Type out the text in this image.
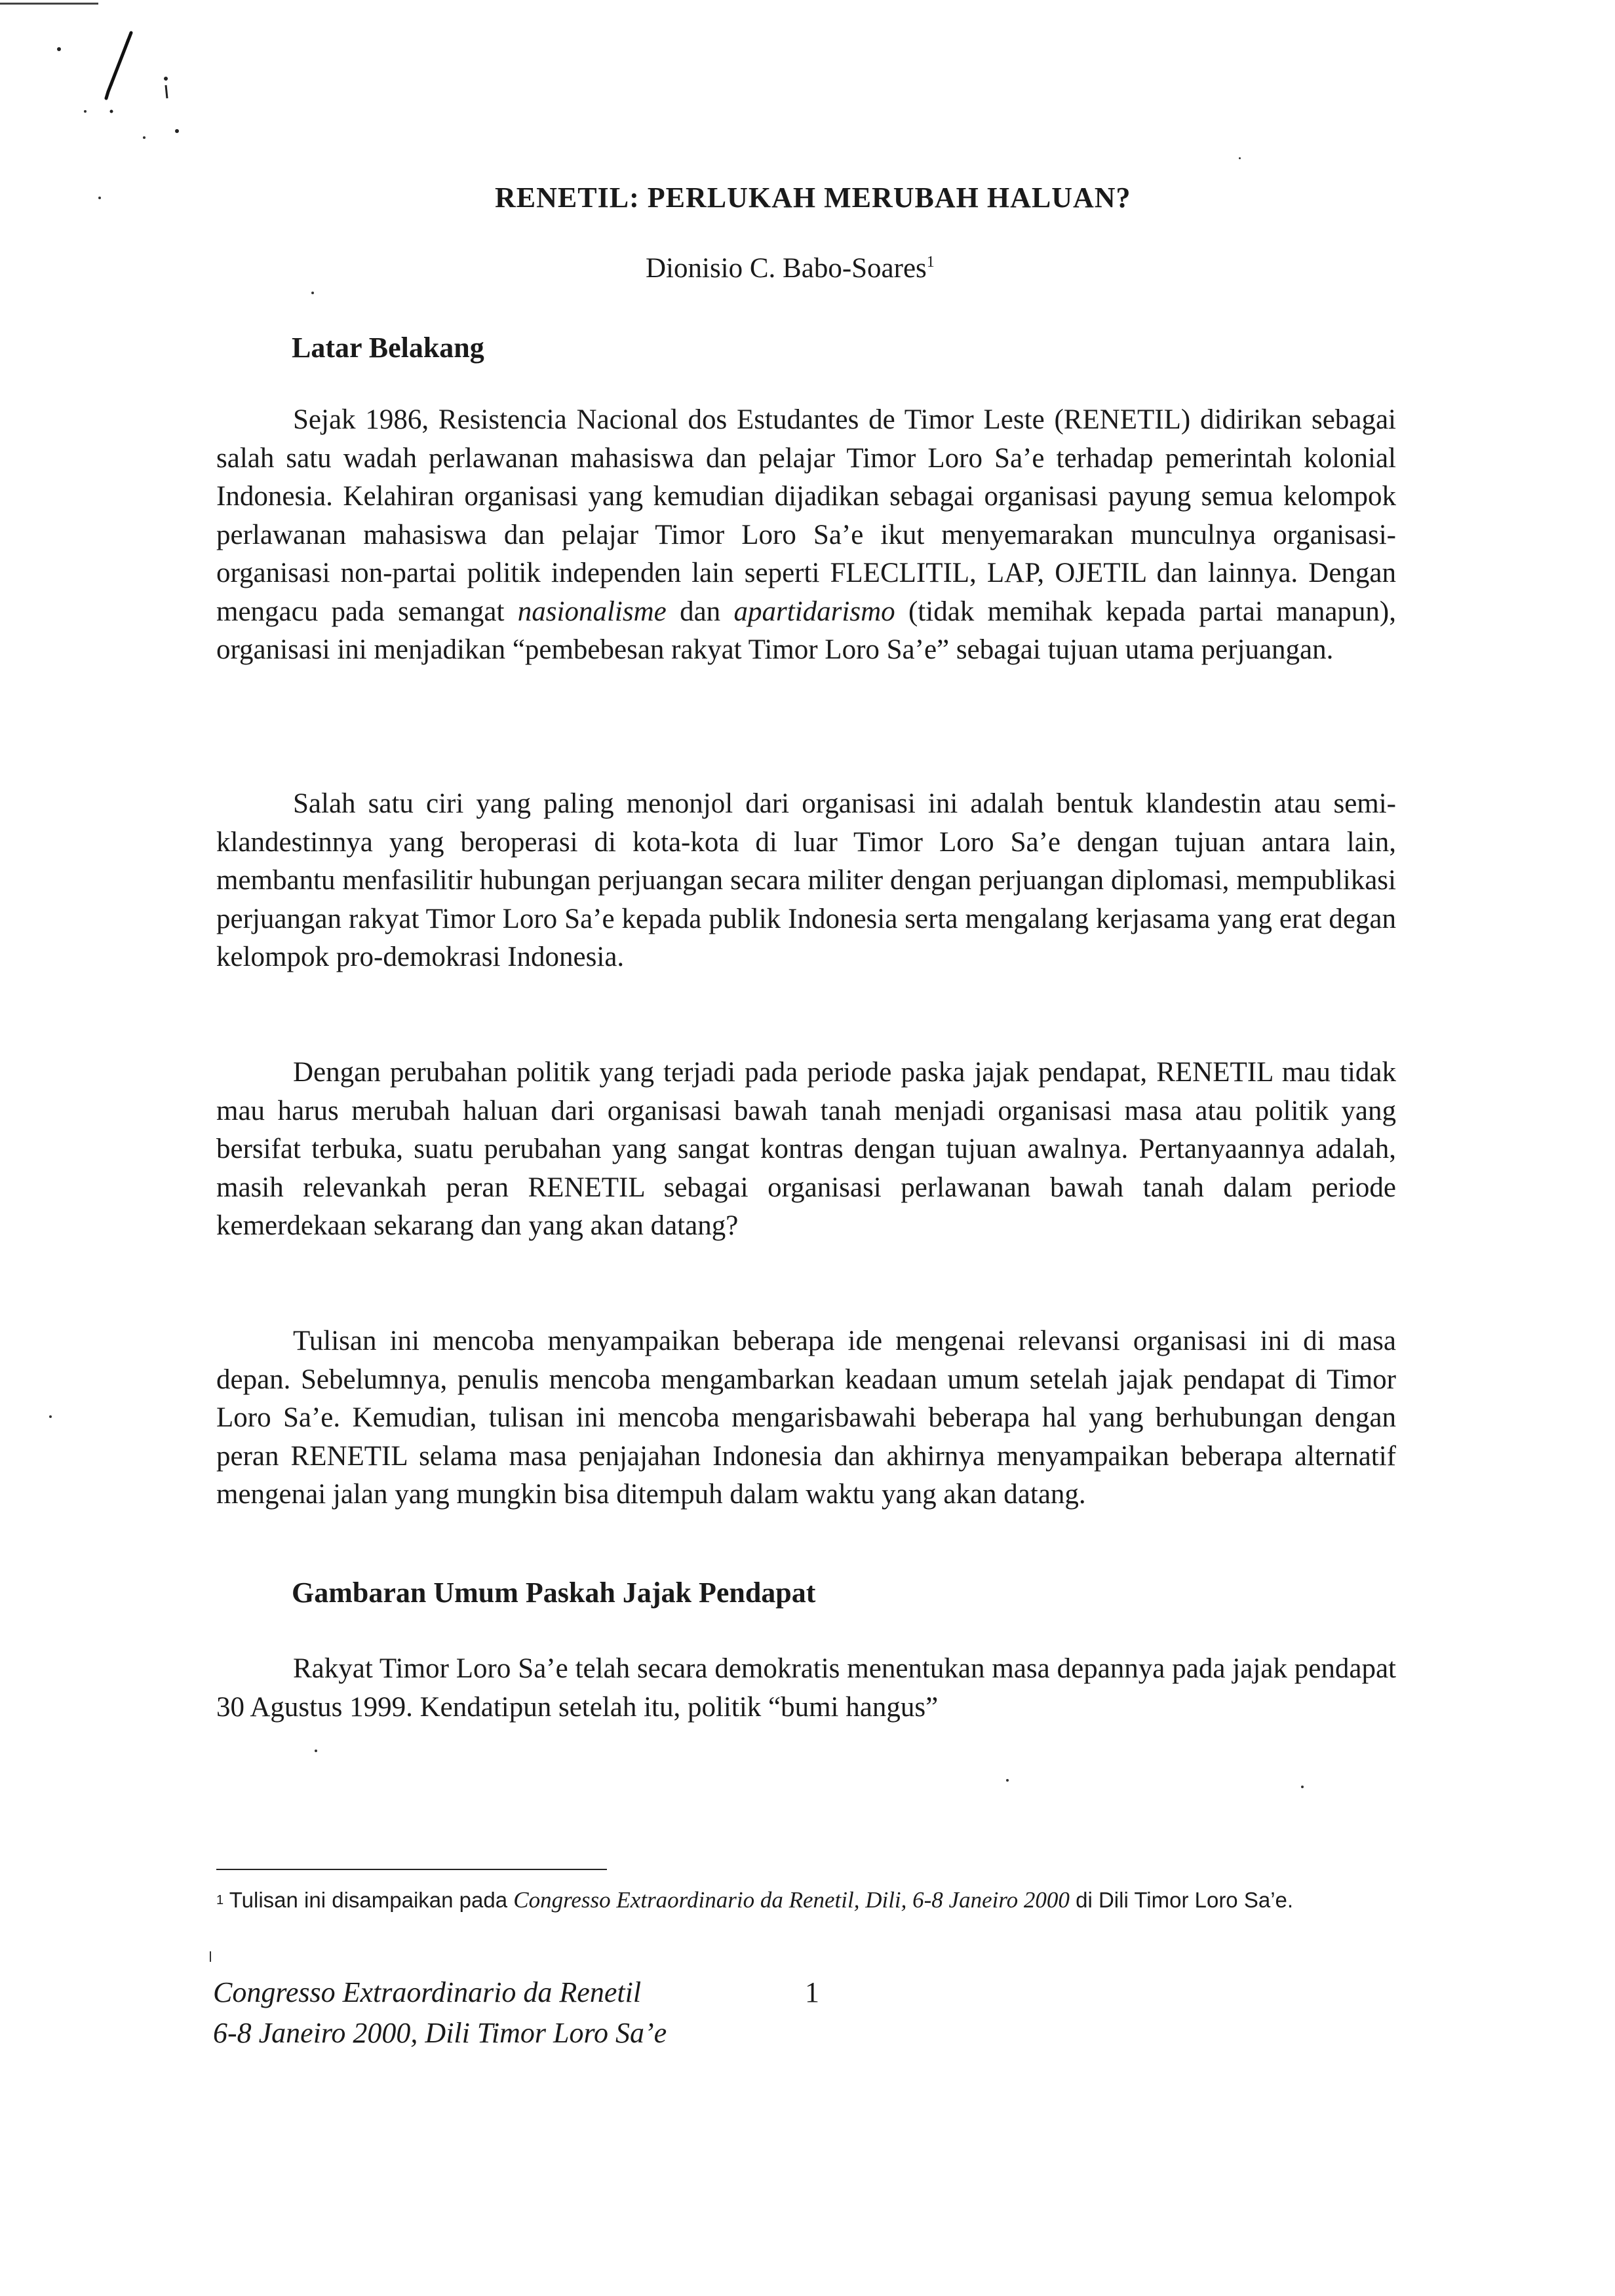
RENETIL: PERLUKAH MERUBAH HALUAN?
Dionisio C. Babo-Soares$^1$
Latar Belakang

Sejak 1986, Resistencia Nacional dos Estudantes de Timor Leste (RENETIL) didirikan sebagai salah satu wadah perlawanan mahasiswa dan pelajar Timor Loro Sa’e terhadap pemerintah kolonial Indonesia. Kelahiran organisasi yang kemudian dijadikan sebagai organisasi payung semua kelompok perlawanan mahasiswa dan pelajar Timor Loro Sa’e ikut menyemarakan munculnya organisasi-organisasi non-partai politik independen lain seperti FLECLITIL, LAP, OJETIL dan lainnya. Dengan mengacu pada semangat nasionalisme dan apartidarismo (tidak memihak kepada partai manapun), organisasi ini menjadikan “pembebesan rakyat Timor Loro Sa’e” sebagai tujuan utama perjuangan.

Salah satu ciri yang paling menonjol dari organisasi ini adalah bentuk klandestin atau semi-klandestinnya yang beroperasi di kota-kota di luar Timor Loro Sa’e dengan tujuan antara lain, membantu menfasilitir hubungan perjuangan secara militer dengan perjuangan diplomasi, mempublikasi perjuangan rakyat Timor Loro Sa’e kepada publik Indonesia serta mengalang kerjasama yang erat degan kelompok pro-demokrasi Indonesia.

Dengan perubahan politik yang terjadi pada periode paska jajak pendapat, RENETIL mau tidak mau harus merubah haluan dari organisasi bawah tanah menjadi organisasi masa atau politik yang bersifat terbuka, suatu perubahan yang sangat kontras dengan tujuan awalnya. Pertanyaannya adalah, masih relevankah peran RENETIL sebagai organisasi perlawanan bawah tanah dalam periode kemerdekaan sekarang dan yang akan datang?

Tulisan ini mencoba menyampaikan beberapa ide mengenai relevansi organisasi ini di masa depan. Sebelumnya, penulis mencoba mengambarkan keadaan umum setelah jajak pendapat di Timor Loro Sa’e. Kemudian, tulisan ini mencoba mengarisbawahi beberapa hal yang berhubungan dengan peran RENETIL selama masa penjajahan Indonesia dan akhirnya menyampaikan beberapa alternatif mengenai jalan yang mungkin bisa ditempuh dalam waktu yang akan datang.

Gambaran Umum Paskah Jajak Pendapat

Rakyat Timor Loro Sa’e telah secara demokratis menentukan masa depannya pada jajak pendapat 30 Agustus 1999. Kendatipun setelah itu, politik “bumi hangus”

$^1$ Tulisan ini disampaikan pada Congresso Extraordinario da Renetil, Dili, 6-8 Janeiro 2000 di Dili Timor Loro Sa’e.

Congresso Extraordinario da Renetil
6-8 Janeiro 2000, Dili Timor Loro Sa’e
1
